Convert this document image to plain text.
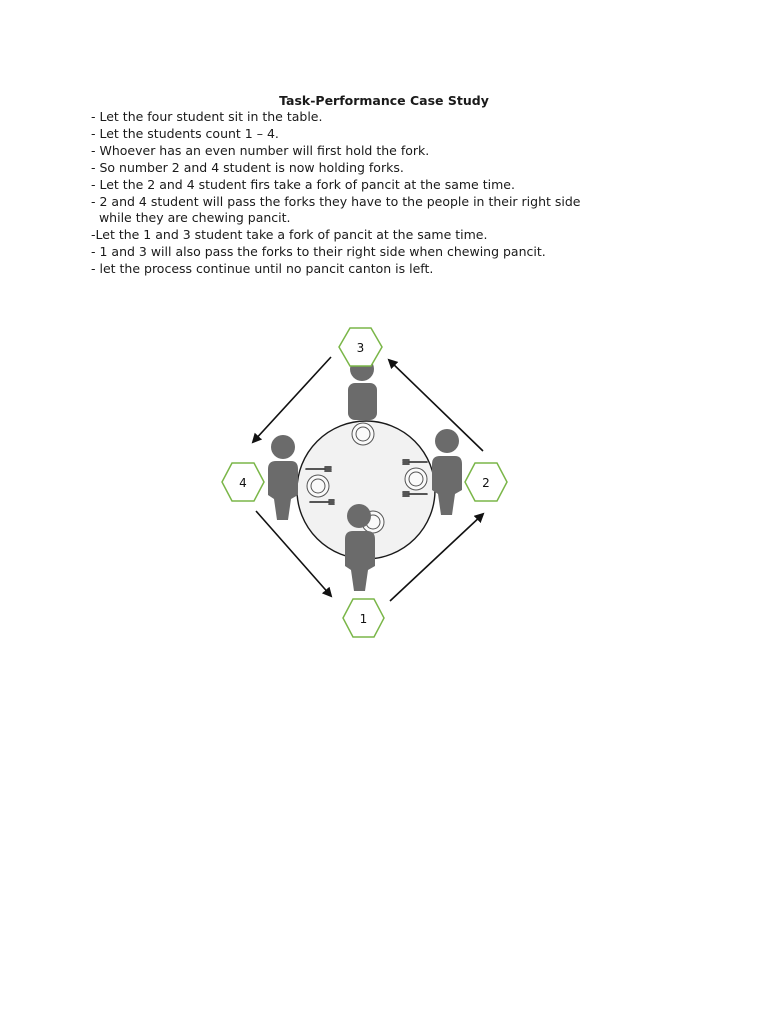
Task-Performance Case Study
- Let the four student sit in the table.
- Let the students count 1 – 4.
- Whoever has an even number will first hold the fork.
- So number 2 and 4 student is now holding forks.
- Let the 2 and 4 student firs take a fork of pancit at the same time.
- 2 and 4 student will pass the forks they have to the people in their right side
while they are chewing pancit.
-Let the 1 and 3 student take a fork of pancit at the same time.
- 1 and 3 will also pass the forks to their right side when chewing pancit.
- let the process continue until no pancit canton is left.
3
2
4
1
